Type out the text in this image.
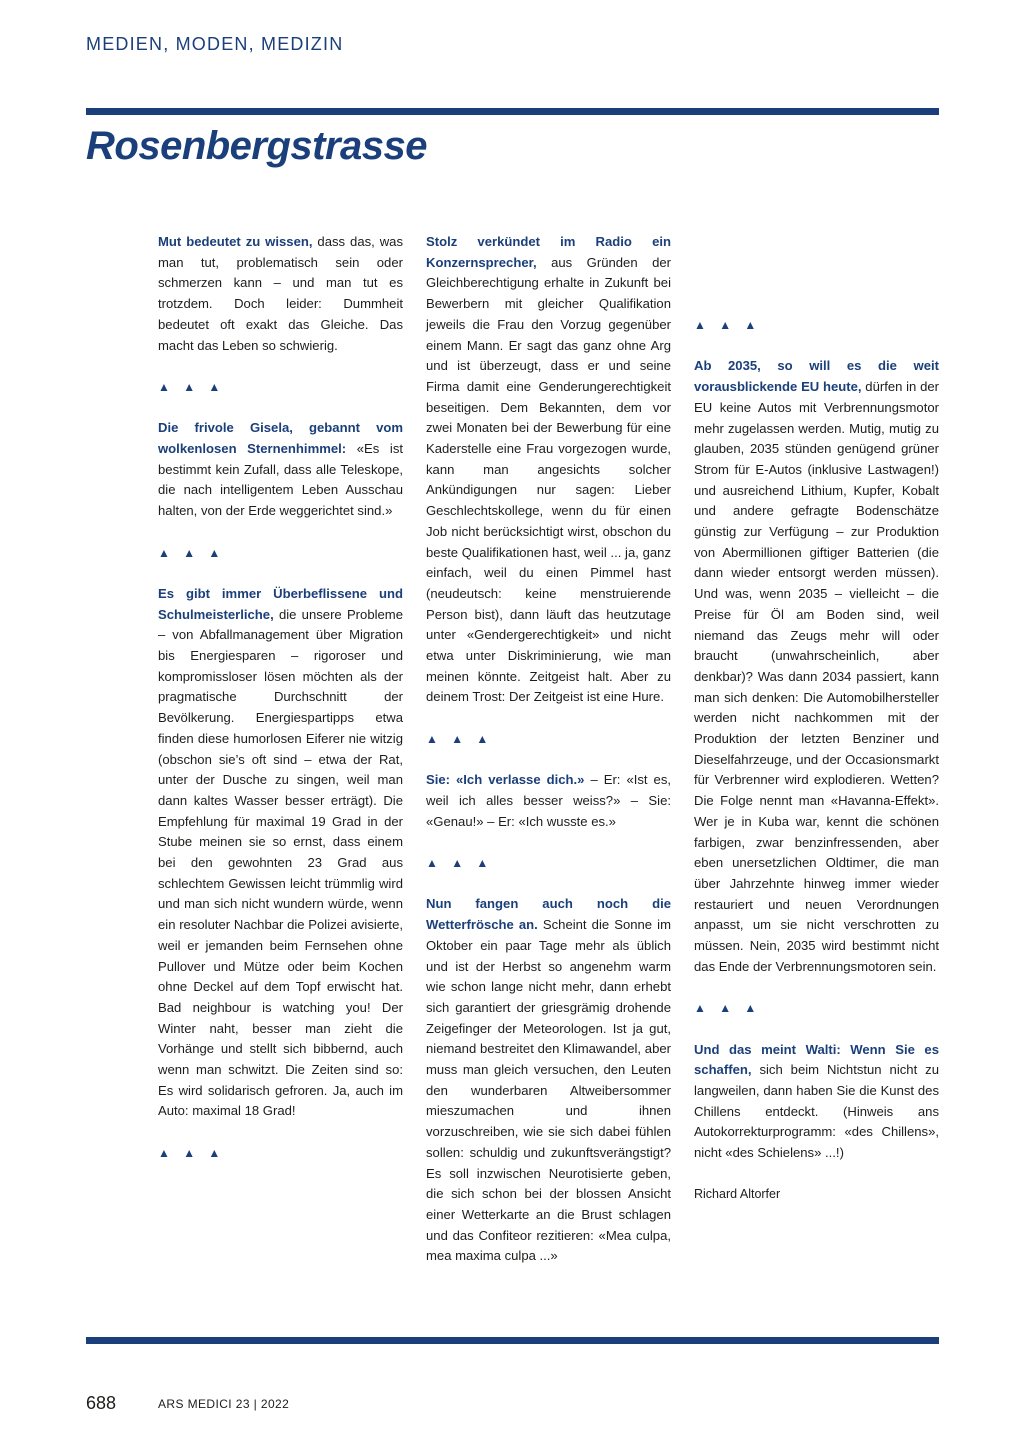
MEDIEN, MODEN, MEDIZIN
Rosenbergstrasse

Mut bedeutet zu wissen, dass das, was man tut, problematisch sein oder schmerzen kann – und man tut es trotzdem. Doch leider: Dummheit bedeutet oft exakt das Gleiche. Das macht das Leben so schwierig.

▲ ▲ ▲

Die frivole Gisela, gebannt vom wolkenlosen Sternenhimmel: «Es ist bestimmt kein Zufall, dass alle Teleskope, die nach intelligentem Leben Ausschau halten, von der Erde weggerichtet sind.»

▲ ▲ ▲

Es gibt immer Überbeflissene und Schulmeisterliche, die unsere Probleme – von Abfallmanagement über Migration bis Energiesparen – rigoroser und kompromissloser lösen möchten als der pragmatische Durchschnitt der Bevölkerung. Energiespartipps etwa finden diese humorlosen Eiferer nie witzig (obschon sie’s oft sind – etwa der Rat, unter der Dusche zu singen, weil man dann kaltes Wasser besser erträgt). Die Empfehlung für maximal 19 Grad in der Stube meinen sie so ernst, dass einem bei den gewohnten 23 Grad aus schlechtem Gewissen leicht trümmlig wird und man sich nicht wundern würde, wenn ein resoluter Nachbar die Polizei avisierte, weil er jemanden beim Fernsehen ohne Pullover und Mütze oder beim Kochen ohne Deckel auf dem Topf erwischt hat. Bad neighbour is watching you! Der Winter naht, besser man zieht die Vorhänge und stellt sich bibbernd, auch wenn man schwitzt. Die Zeiten sind so: Es wird solidarisch gefroren. Ja, auch im Auto: maximal 18 Grad!

▲ ▲ ▲

Stolz verkündet im Radio ein Konzernsprecher, aus Gründen der Gleichberechtigung erhalte in Zukunft bei Bewerbern mit gleicher Qualifikation jeweils die Frau den Vorzug gegenüber einem Mann. Er sagt das ganz ohne Arg und ist überzeugt, dass er und seine Firma damit eine Genderungerechtigkeit beseitigen. Dem Bekannten, dem vor zwei Monaten bei der Bewerbung für eine Kaderstelle eine Frau vorgezogen wurde, kann man angesichts solcher Ankündigungen nur sagen: Lieber Geschlechtskollege, wenn du für einen Job nicht berücksichtigt wirst, obschon du beste Qualifikationen hast, weil ... ja, ganz einfach, weil du einen Pimmel hast (neudeutsch: keine menstruierende Person bist), dann läuft das heutzutage unter «Gendergerechtigkeit» und nicht etwa unter Diskriminierung, wie man meinen könnte. Zeitgeist halt. Aber zu deinem Trost: Der Zeitgeist ist eine Hure.

▲ ▲ ▲

Sie: «Ich verlasse dich.» – Er: «Ist es, weil ich alles besser weiss?» – Sie: «Genau!» – Er: «Ich wusste es.»

▲ ▲ ▲

Nun fangen auch noch die Wetterfrösche an. Scheint die Sonne im Oktober ein paar Tage mehr als üblich und ist der Herbst so angenehm warm wie schon lange nicht mehr, dann erhebt sich garantiert der griesgrämig drohende Zeigefinger der Meteorologen. Ist ja gut, niemand bestreitet den Klimawandel, aber muss man gleich versuchen, den Leuten den wunderbaren Altweibersommer mieszumachen und ihnen vorzuschreiben, wie sie sich dabei fühlen sollen: schuldig und zukunftsverängstigt? Es soll inzwischen Neurotisierte geben, die sich schon bei der blossen Ansicht einer Wetterkarte an die Brust schlagen und das Confiteor rezitieren: «Mea culpa, mea maxima culpa ...»

▲ ▲ ▲

Ab 2035, so will es die weit vorausblickende EU heute, dürfen in der EU keine Autos mit Verbrennungsmotor mehr zugelassen werden. Mutig, mutig zu glauben, 2035 stünden genügend grüner Strom für E-Autos (inklusive Lastwagen!) und ausreichend Lithium, Kupfer, Kobalt und andere gefragte Bodenschätze günstig zur Verfügung – zur Produktion von Abermillionen giftiger Batterien (die dann wieder entsorgt werden müssen). Und was, wenn 2035 – vielleicht – die Preise für Öl am Boden sind, weil niemand das Zeugs mehr will oder braucht (unwahrscheinlich, aber denkbar)? Was dann 2034 passiert, kann man sich denken: Die Automobilhersteller werden nicht nachkommen mit der Produktion der letzten Benziner und Dieselfahrzeuge, und der Occasionsmarkt für Verbrenner wird explodieren. Wetten? Die Folge nennt man «Havanna-Effekt». Wer je in Kuba war, kennt die schönen farbigen, zwar benzinfressenden, aber eben unersetzlichen Oldtimer, die man über Jahrzehnte hinweg immer wieder restauriert und neuen Verordnungen anpasst, um sie nicht verschrotten zu müssen. Nein, 2035 wird bestimmt nicht das Ende der Verbrennungsmotoren sein.

▲ ▲ ▲

Und das meint Walti: Wenn Sie es schaffen, sich beim Nichtstun nicht zu langweilen, dann haben Sie die Kunst des Chillens entdeckt. (Hinweis ans Autokorrekturprogramm: «des Chillens», nicht «des Schielens» ...!)

Richard Altorfer

688	ARS MEDICI 23 | 2022
